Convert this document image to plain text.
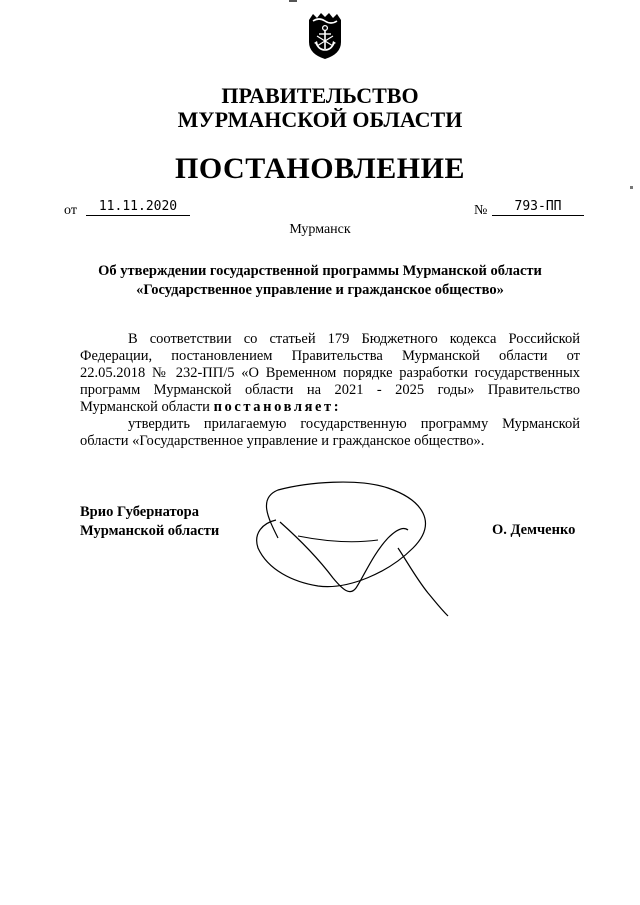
ПРАВИТЕЛЬСТВО
МУРМАНСКОЙ ОБЛАСТИ
ПОСТАНОВЛЕНИЕ
от	11.11.2020	№	793-ПП
Мурманск
Об утверждении государственной программы Мурманской области
«Государственное управление и гражданское общество»
В соответствии со статьей 179 Бюджетного кодекса Российской
Федерации, постановлением Правительства Мурманской области от
22.05.2018 № 232-ПП/5 «О Временном порядке разработки государственных
программ Мурманской области на 2021 - 2025 годы» Правительство
Мурманской области постановляет:
утвердить прилагаемую государственную программу Мурманской
области «Государственное управление и гражданское общество».
Врио Губернатора
Мурманской области	О. Демченко
